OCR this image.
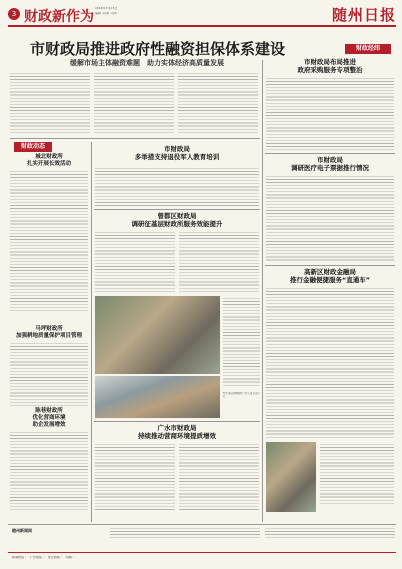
3 财政新作为
2018年7月13日
编辑 ·初清 ·责审 ·	随州日报
财政经纬
市财政局推进政府性融资担保体系建设
缓解市场主体融资难题　助力实体经济高质量发展
财政动态
城北财政所
扎实开展长效活动
马坪财政所
加强耕地质量保护项目管理
陈巷财政所
优化营商环境
助企发展增效
市财政局
多举措支持退役军人教育培训
曾都区财政局
调研征基层财政所服务效能提升
图为 陈巷镇财政所工作人员走访企业
广水市财政局
持续推动营商环境提质增效
市财政局布局推进
政府采购服务专项整治
市财政局
调研医疗电子票据推行情况
高新区财政金融局
推行金融便捷服务“直通车”
随州新闻网
新闻热线 ：  广告热线 ：  发行热线 ：  印刷 ：
